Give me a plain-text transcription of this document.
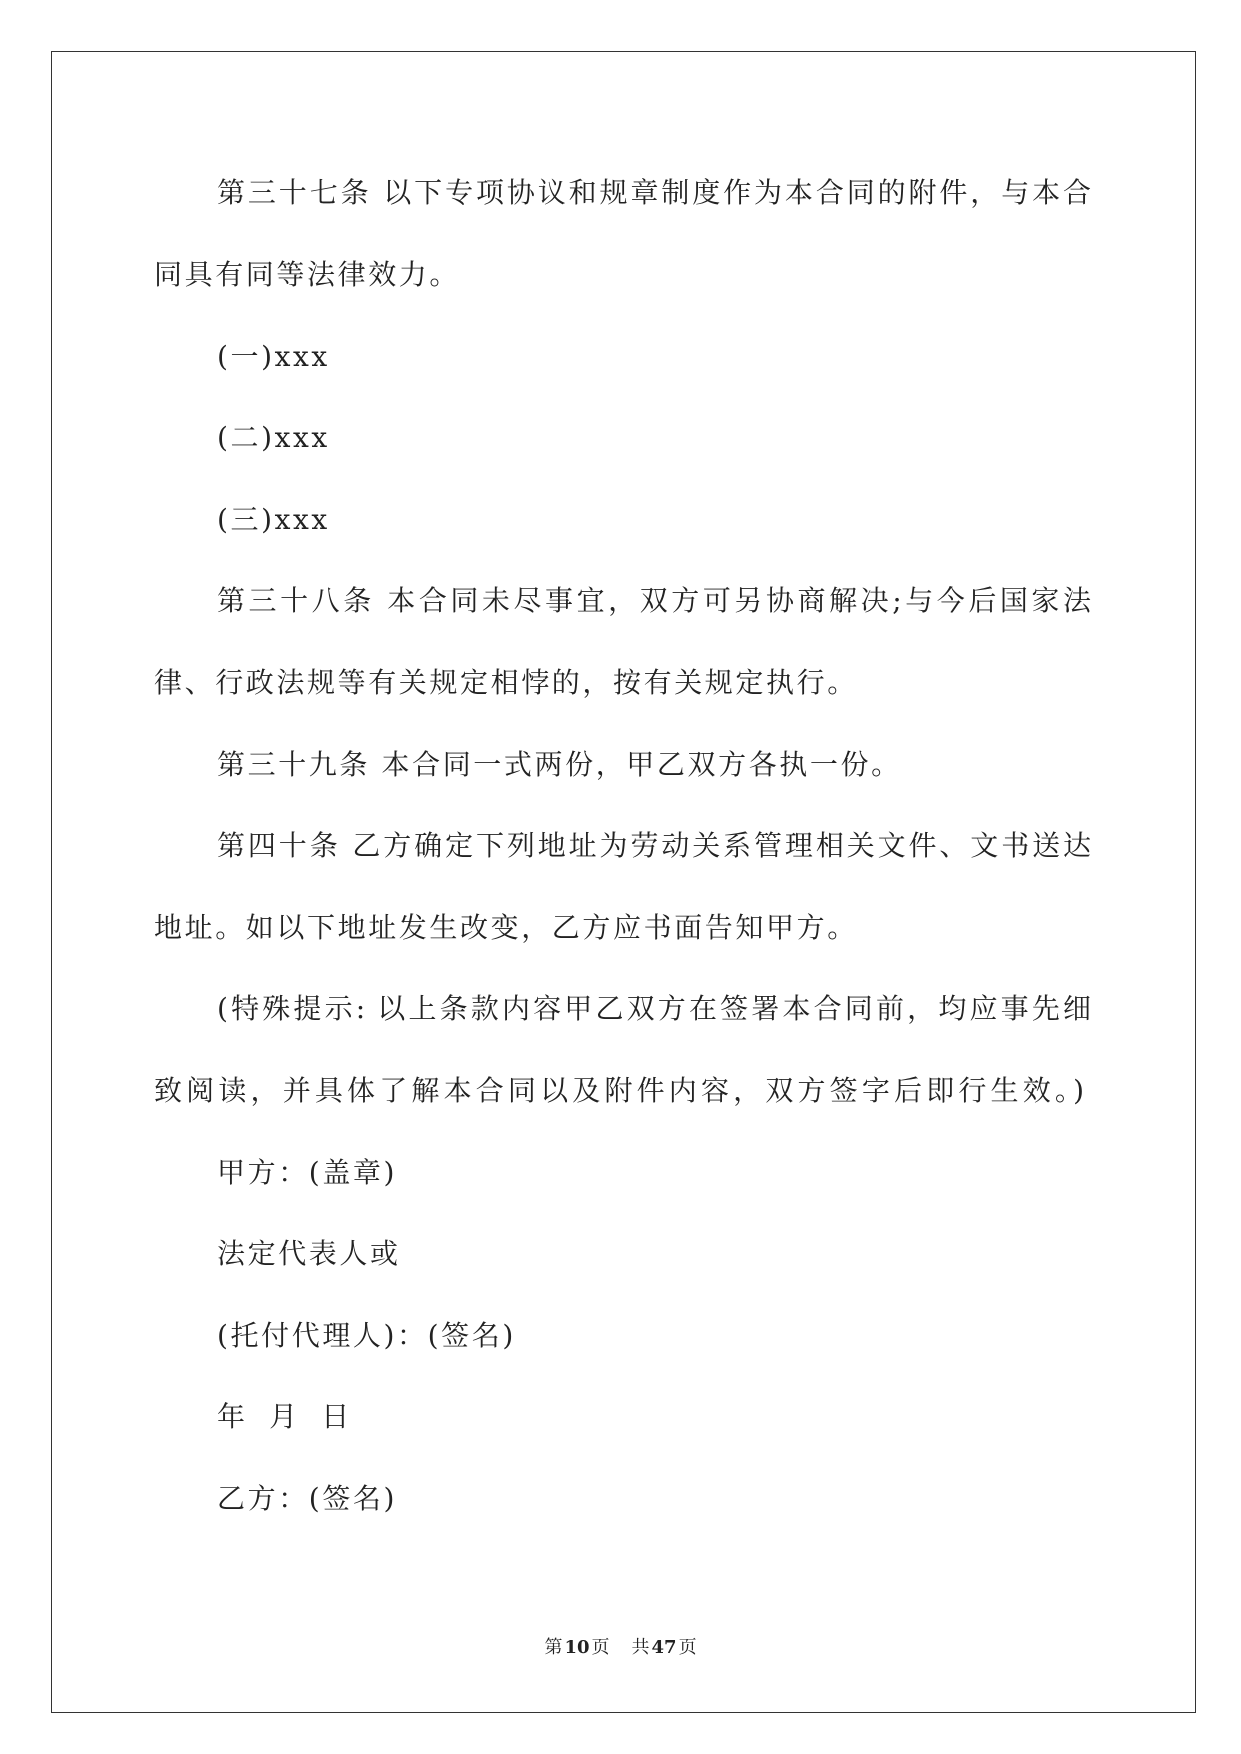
第三十七条 以下专项协议和规章制度作为本合同的附件，与本合
同具有同等法律效力。
(一)xxx
(二)xxx
(三)xxx
第三十八条 本合同未尽事宜，双方可另协商解决;与今后国家法
律、行政法规等有关规定相悖的，按有关规定执行。
第三十九条 本合同一式两份，甲乙双方各执一份。
第四十条 乙方确定下列地址为劳动关系管理相关文件、文书送达
地址。如以下地址发生改变，乙方应书面告知甲方。
(特殊提示: 以上条款内容甲乙双方在签署本合同前，均应事先细
致阅读，并具体了解本合同以及附件内容，双方签字后即行生效。)
甲方：(盖章)
法定代表人或
(托付代理人)：(签名)
年 月 日
乙方：(签名)
第 10 页 共 47 页
